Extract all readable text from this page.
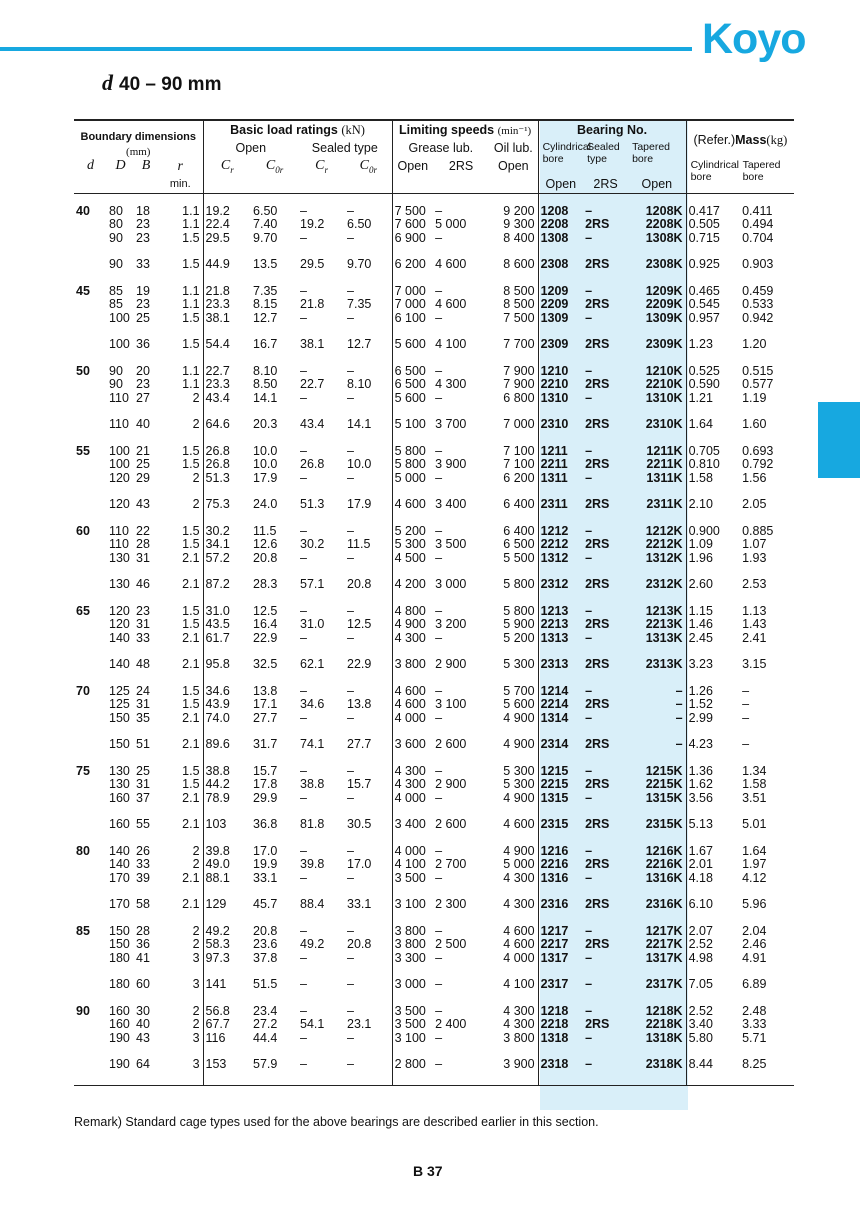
Koyo
d 40 – 90 mm
Boundary dimensions
(mm)				Basic load ratings (kN)				Limiting speeds (min⁻¹)			Bearing No.			(Refer.)Mass(kg)	

				Open		Sealed type		Grease lub.		Oil lub.	Cylindrical bore	Sealed type	Tapered bore		
d	D	B	r	$C_r$	$C_{0r}$	$C_r$	$C_{0r}$	Open	2RS	Open				Cylindrical boreTapered bore	
			min.								Open	2RS	Open		

40	80	18	1.1	19.2	6.50	–	–	7 500	–	9 200	1208	–	1208K	0.417	0.411
	80	23	1.1	22.4	7.40	19.2	6.50	7 600	5 000	9 300	2208	2RS	2208K	0.505	0.494
	90	23	1.5	29.5	9.70	–	–	6 900	–	8 400	1308	–	1308K	0.715	0.704

	90	33	1.5	44.9	13.5	29.5	9.70	6 200	4 600	8 600	2308	2RS	2308K	0.925	0.903

45	85	19	1.1	21.8	7.35	–	–	7 000	–	8 500	1209	–	1209K	0.465	0.459
	85	23	1.1	23.3	8.15	21.8	7.35	7 000	4 600	8 500	2209	2RS	2209K	0.545	0.533
	100	25	1.5	38.1	12.7	–	–	6 100	–	7 500	1309	–	1309K	0.957	0.942

	100	36	1.5	54.4	16.7	38.1	12.7	5 600	4 100	7 700	2309	2RS	2309K	1.23	1.20

50	90	20	1.1	22.7	8.10	–	–	6 500	–	7 900	1210	–	1210K	0.525	0.515
	90	23	1.1	23.3	8.50	22.7	8.10	6 500	4 300	7 900	2210	2RS	2210K	0.590	0.577
	110	27	2	43.4	14.1	–	–	5 600	–	6 800	1310	–	1310K	1.21	1.19

	110	40	2	64.6	20.3	43.4	14.1	5 100	3 700	7 000	2310	2RS	2310K	1.64	1.60

55	100	21	1.5	26.8	10.0	–	–	5 800	–	7 100	1211	–	1211K	0.705	0.693
	100	25	1.5	26.8	10.0	26.8	10.0	5 800	3 900	7 100	2211	2RS	2211K	0.810	0.792
	120	29	2	51.3	17.9	–	–	5 000	–	6 200	1311	–	1311K	1.58	1.56

	120	43	2	75.3	24.0	51.3	17.9	4 600	3 400	6 400	2311	2RS	2311K	2.10	2.05

60	110	22	1.5	30.2	11.5	–	–	5 200	–	6 400	1212	–	1212K	0.900	0.885
	110	28	1.5	34.1	12.6	30.2	11.5	5 300	3 500	6 500	2212	2RS	2212K	1.09	1.07
	130	31	2.1	57.2	20.8	–	–	4 500	–	5 500	1312	–	1312K	1.96	1.93

	130	46	2.1	87.2	28.3	57.1	20.8	4 200	3 000	5 800	2312	2RS	2312K	2.60	2.53

65	120	23	1.5	31.0	12.5	–	–	4 800	–	5 800	1213	–	1213K	1.15	1.13
	120	31	1.5	43.5	16.4	31.0	12.5	4 900	3 200	5 900	2213	2RS	2213K	1.46	1.43
	140	33	2.1	61.7	22.9	–	–	4 300	–	5 200	1313	–	1313K	2.45	2.41

	140	48	2.1	95.8	32.5	62.1	22.9	3 800	2 900	5 300	2313	2RS	2313K	3.23	3.15

70	125	24	1.5	34.6	13.8	–	–	4 600	–	5 700	1214	–	–	1.26	–
	125	31	1.5	43.9	17.1	34.6	13.8	4 600	3 100	5 600	2214	2RS	–	1.52	–
	150	35	2.1	74.0	27.7	–	–	4 000	–	4 900	1314	–	–	2.99	–

	150	51	2.1	89.6	31.7	74.1	27.7	3 600	2 600	4 900	2314	2RS	–	4.23	–

75	130	25	1.5	38.8	15.7	–	–	4 300	–	5 300	1215	–	1215K	1.36	1.34
	130	31	1.5	44.2	17.8	38.8	15.7	4 300	2 900	5 300	2215	2RS	2215K	1.62	1.58
	160	37	2.1	78.9	29.9	–	–	4 000	–	4 900	1315	–	1315K	3.56	3.51

	160	55	2.1	103	36.8	81.8	30.5	3 400	2 600	4 600	2315	2RS	2315K	5.13	5.01

80	140	26	2	39.8	17.0	–	–	4 000	–	4 900	1216	–	1216K	1.67	1.64
	140	33	2	49.0	19.9	39.8	17.0	4 100	2 700	5 000	2216	2RS	2216K	2.01	1.97
	170	39	2.1	88.1	33.1	–	–	3 500	–	4 300	1316	–	1316K	4.18	4.12

	170	58	2.1	129	45.7	88.4	33.1	3 100	2 300	4 300	2316	2RS	2316K	6.10	5.96

85	150	28	2	49.2	20.8	–	–	3 800	–	4 600	1217	–	1217K	2.07	2.04
	150	36	2	58.3	23.6	49.2	20.8	3 800	2 500	4 600	2217	2RS	2217K	2.52	2.46
	180	41	3	97.3	37.8	–	–	3 300	–	4 000	1317	–	1317K	4.98	4.91

	180	60	3	141	51.5	–	–	3 000	–	4 100	2317	–	2317K	7.05	6.89

90	160	30	2	56.8	23.4	–	–	3 500	–	4 300	1218	–	1218K	2.52	2.48
	160	40	2	67.7	27.2	54.1	23.1	3 500	2 400	4 300	2218	2RS	2218K	3.40	3.33
	190	43	3	116	44.4	–	–	3 100	–	3 800	1318	–	1318K	5.80	5.71

	190	64	3	153	57.9	–	–	2 800	–	3 900	2318	–	2318K	8.44	8.25

Remark) Standard cage types used for the above bearings are described earlier in this section.
B 37
